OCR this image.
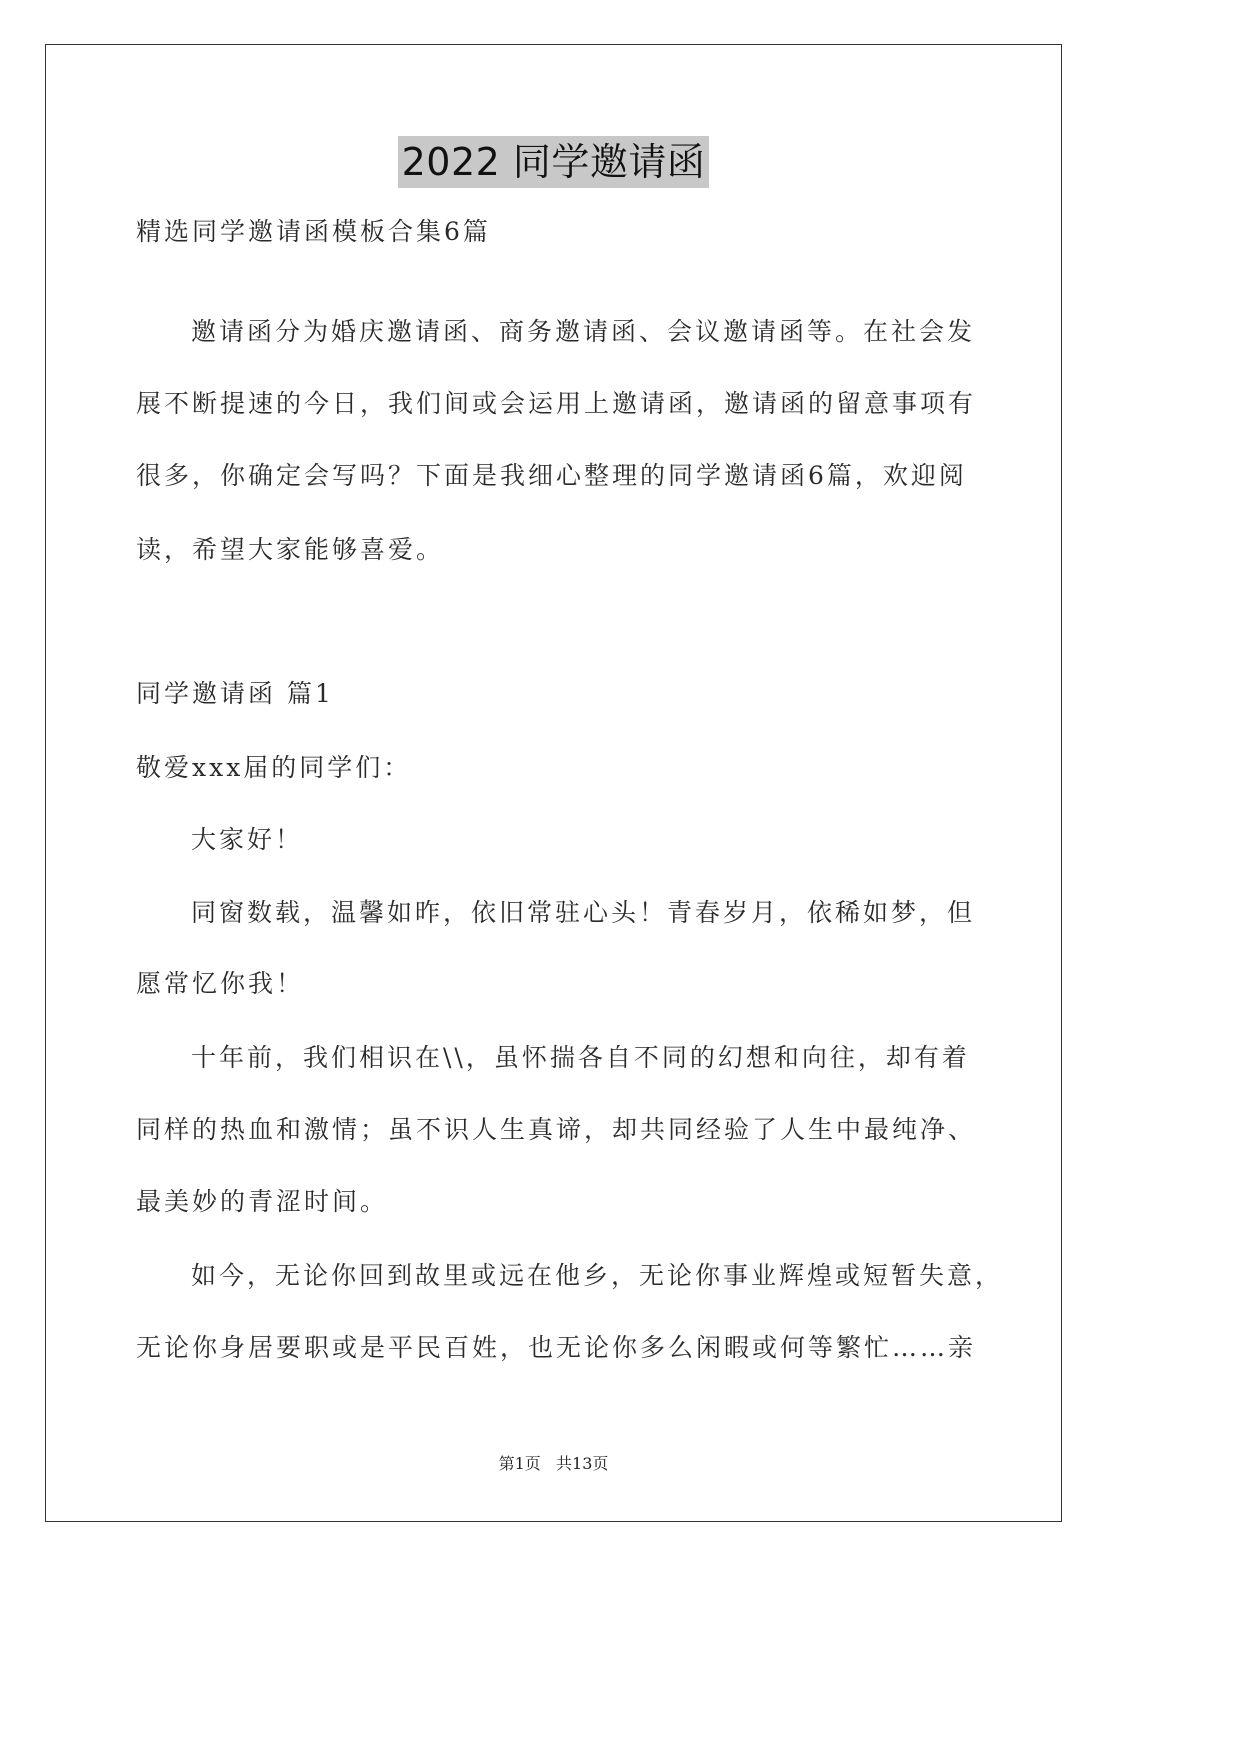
2022 同学邀请函
精选同学邀请函模板合集6篇
邀请函分为婚庆邀请函、商务邀请函、会议邀请函等。在社会发
展不断提速的今日，我们间或会运用上邀请函，邀请函的留意事项有
很多，你确定会写吗？下面是我细心整理的同学邀请函6篇，欢迎阅
读，希望大家能够喜爱。
同学邀请函 篇1
敬爱xxx届的同学们：
大家好！
同窗数载，温馨如昨，依旧常驻心头！青春岁月，依稀如梦，但
愿常忆你我！
十年前，我们相识在\\，虽怀揣各自不同的幻想和向往，却有着
同样的热血和激情；虽不识人生真谛，却共同经验了人生中最纯净、
最美妙的青涩时间。
如今，无论你回到故里或远在他乡，无论你事业辉煌或短暂失意，
无论你身居要职或是平民百姓，也无论你多么闲暇或何等繁忙……亲
第1页   共13页
